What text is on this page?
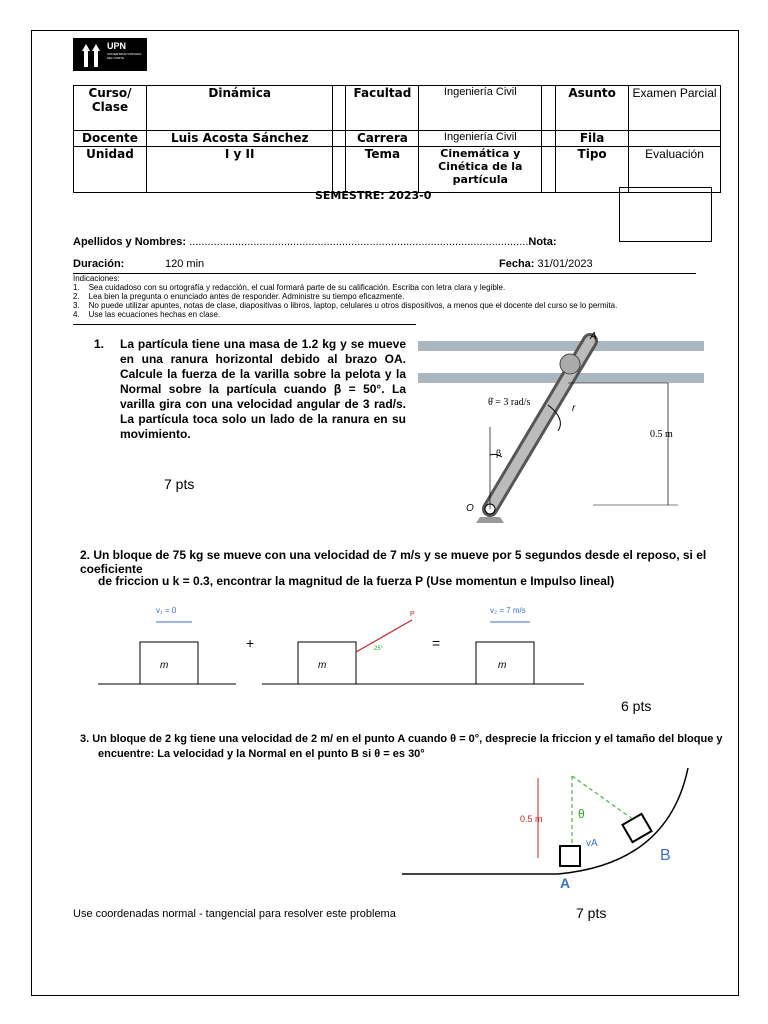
UPN
UNIVERSIDAD PRIVADA DEL NORTE
Curso/ Clase	Dinámica		Facultad	Ingeniería Civil		Asunto	Examen Parcial
Docente	Luis Acosta Sánchez		Carrera	Ingeniería Civil		Fila	
Unidad	I y II		Tema	Cinemática y Cinética de la partícula		Tipo	Evaluación
SEMESTRE: 2023-0
Apellidos y Nombres: ...............................................................................................................Nota:
Duración:	120 min	Fecha: 31/01/2023
Indicaciones:
1.    Sea cuidadoso con su ortografía y redacción, el cual formará parte de su calificación. Escriba con letra clara y legible.
2.    Lea bien la pregunta o enunciado antes de responder. Administre su tiempo eficazmente.
3.    No puede utilizar apuntes, notas de clase, diapositivas o libros, laptop, celulares u otros dispositivos, a menos que el docente del curso se lo permita.
4.    Use las ecuaciones hechas en clase.
1.	La partícula tiene una masa de 1.2 kg y se mueve en una ranura horizontal debido al brazo OA. Calcule la fuerza de la varilla sobre la pelota y la Normal sobre la partícula cuando β = 50°. La varilla gira con una velocidad angular de 3 rad/s. La partícula toca solo un lado de la ranura en su movimiento.
7 pts
A
O
r
θ̇ = 3 rad/s
0.5 m
β
2. Un bloque de 75 kg se mueve con una velocidad de 7 m/s y se mueve por 5 segundos desde el reposo, si el coeficiente
de friccion u k = 0.3, encontrar la magnitud de la fuerza P (Use momentun e Impulso lineal)
m	m	m
v₁ = 0	v₂ = 7 m/s
P
25°
+	=
6 pts
3. Un bloque de 2 kg tiene una velocidad de 2 m/ en el punto A cuando θ = 0°, desprecie la friccion y el tamaño del bloque y
encuentre: La velocidad y la Normal en el punto B si θ = es 30°
0.5 m	θ
vA
A
B
Use coordenadas normal - tangencial para resolver este problema	7 pts
